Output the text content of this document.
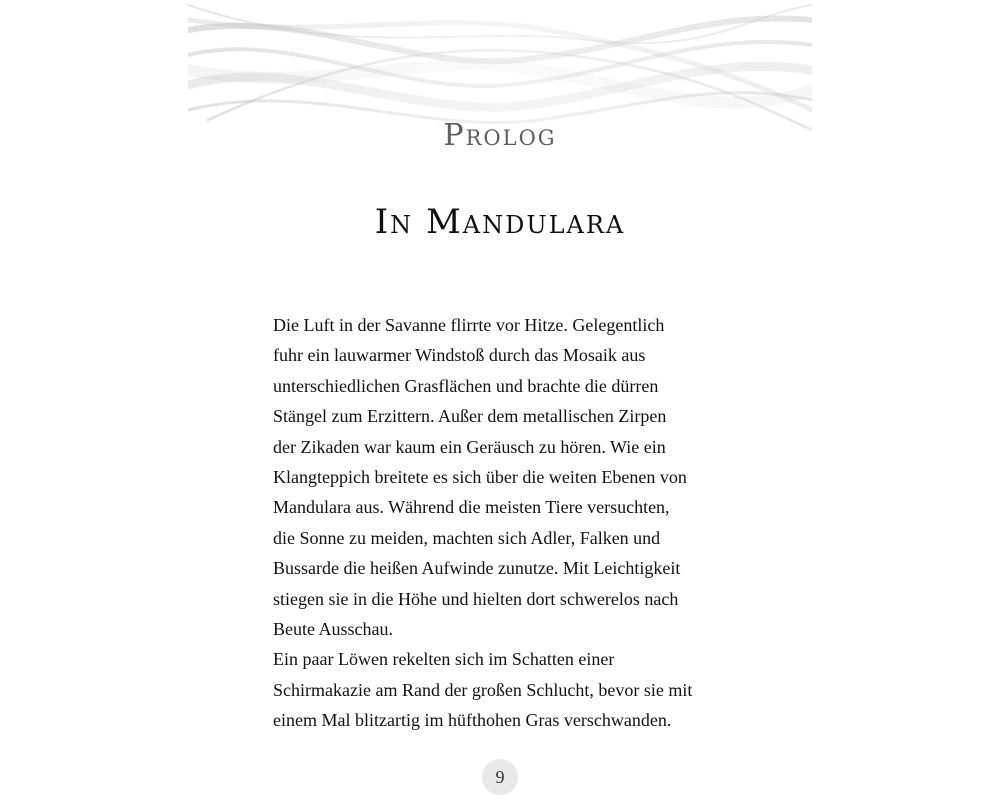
Prolog
In Mandulara
Die Luft in der Savanne flirrte vor Hitze. Gelegentlich
fuhr ein lauwarmer Windstoß durch das Mosaik aus
unterschiedlichen Grasflächen und brachte die dürren
Stängel zum Erzittern. Außer dem metallischen Zirpen
der Zikaden war kaum ein Geräusch zu hören. Wie ein
Klangteppich breitete es sich über die weiten Ebenen von
Mandulara aus. Während die meisten Tiere versuchten,
die Sonne zu meiden, machten sich Adler, Falken und
Bussarde die heißen Aufwinde zunutze. Mit Leichtigkeit
stiegen sie in die Höhe und hielten dort schwerelos nach
Beute Ausschau.
Ein paar Löwen rekelten sich im Schatten einer
Schirmakazie am Rand der großen Schlucht, bevor sie mit
einem Mal blitzartig im hüfthohen Gras verschwanden.
9
